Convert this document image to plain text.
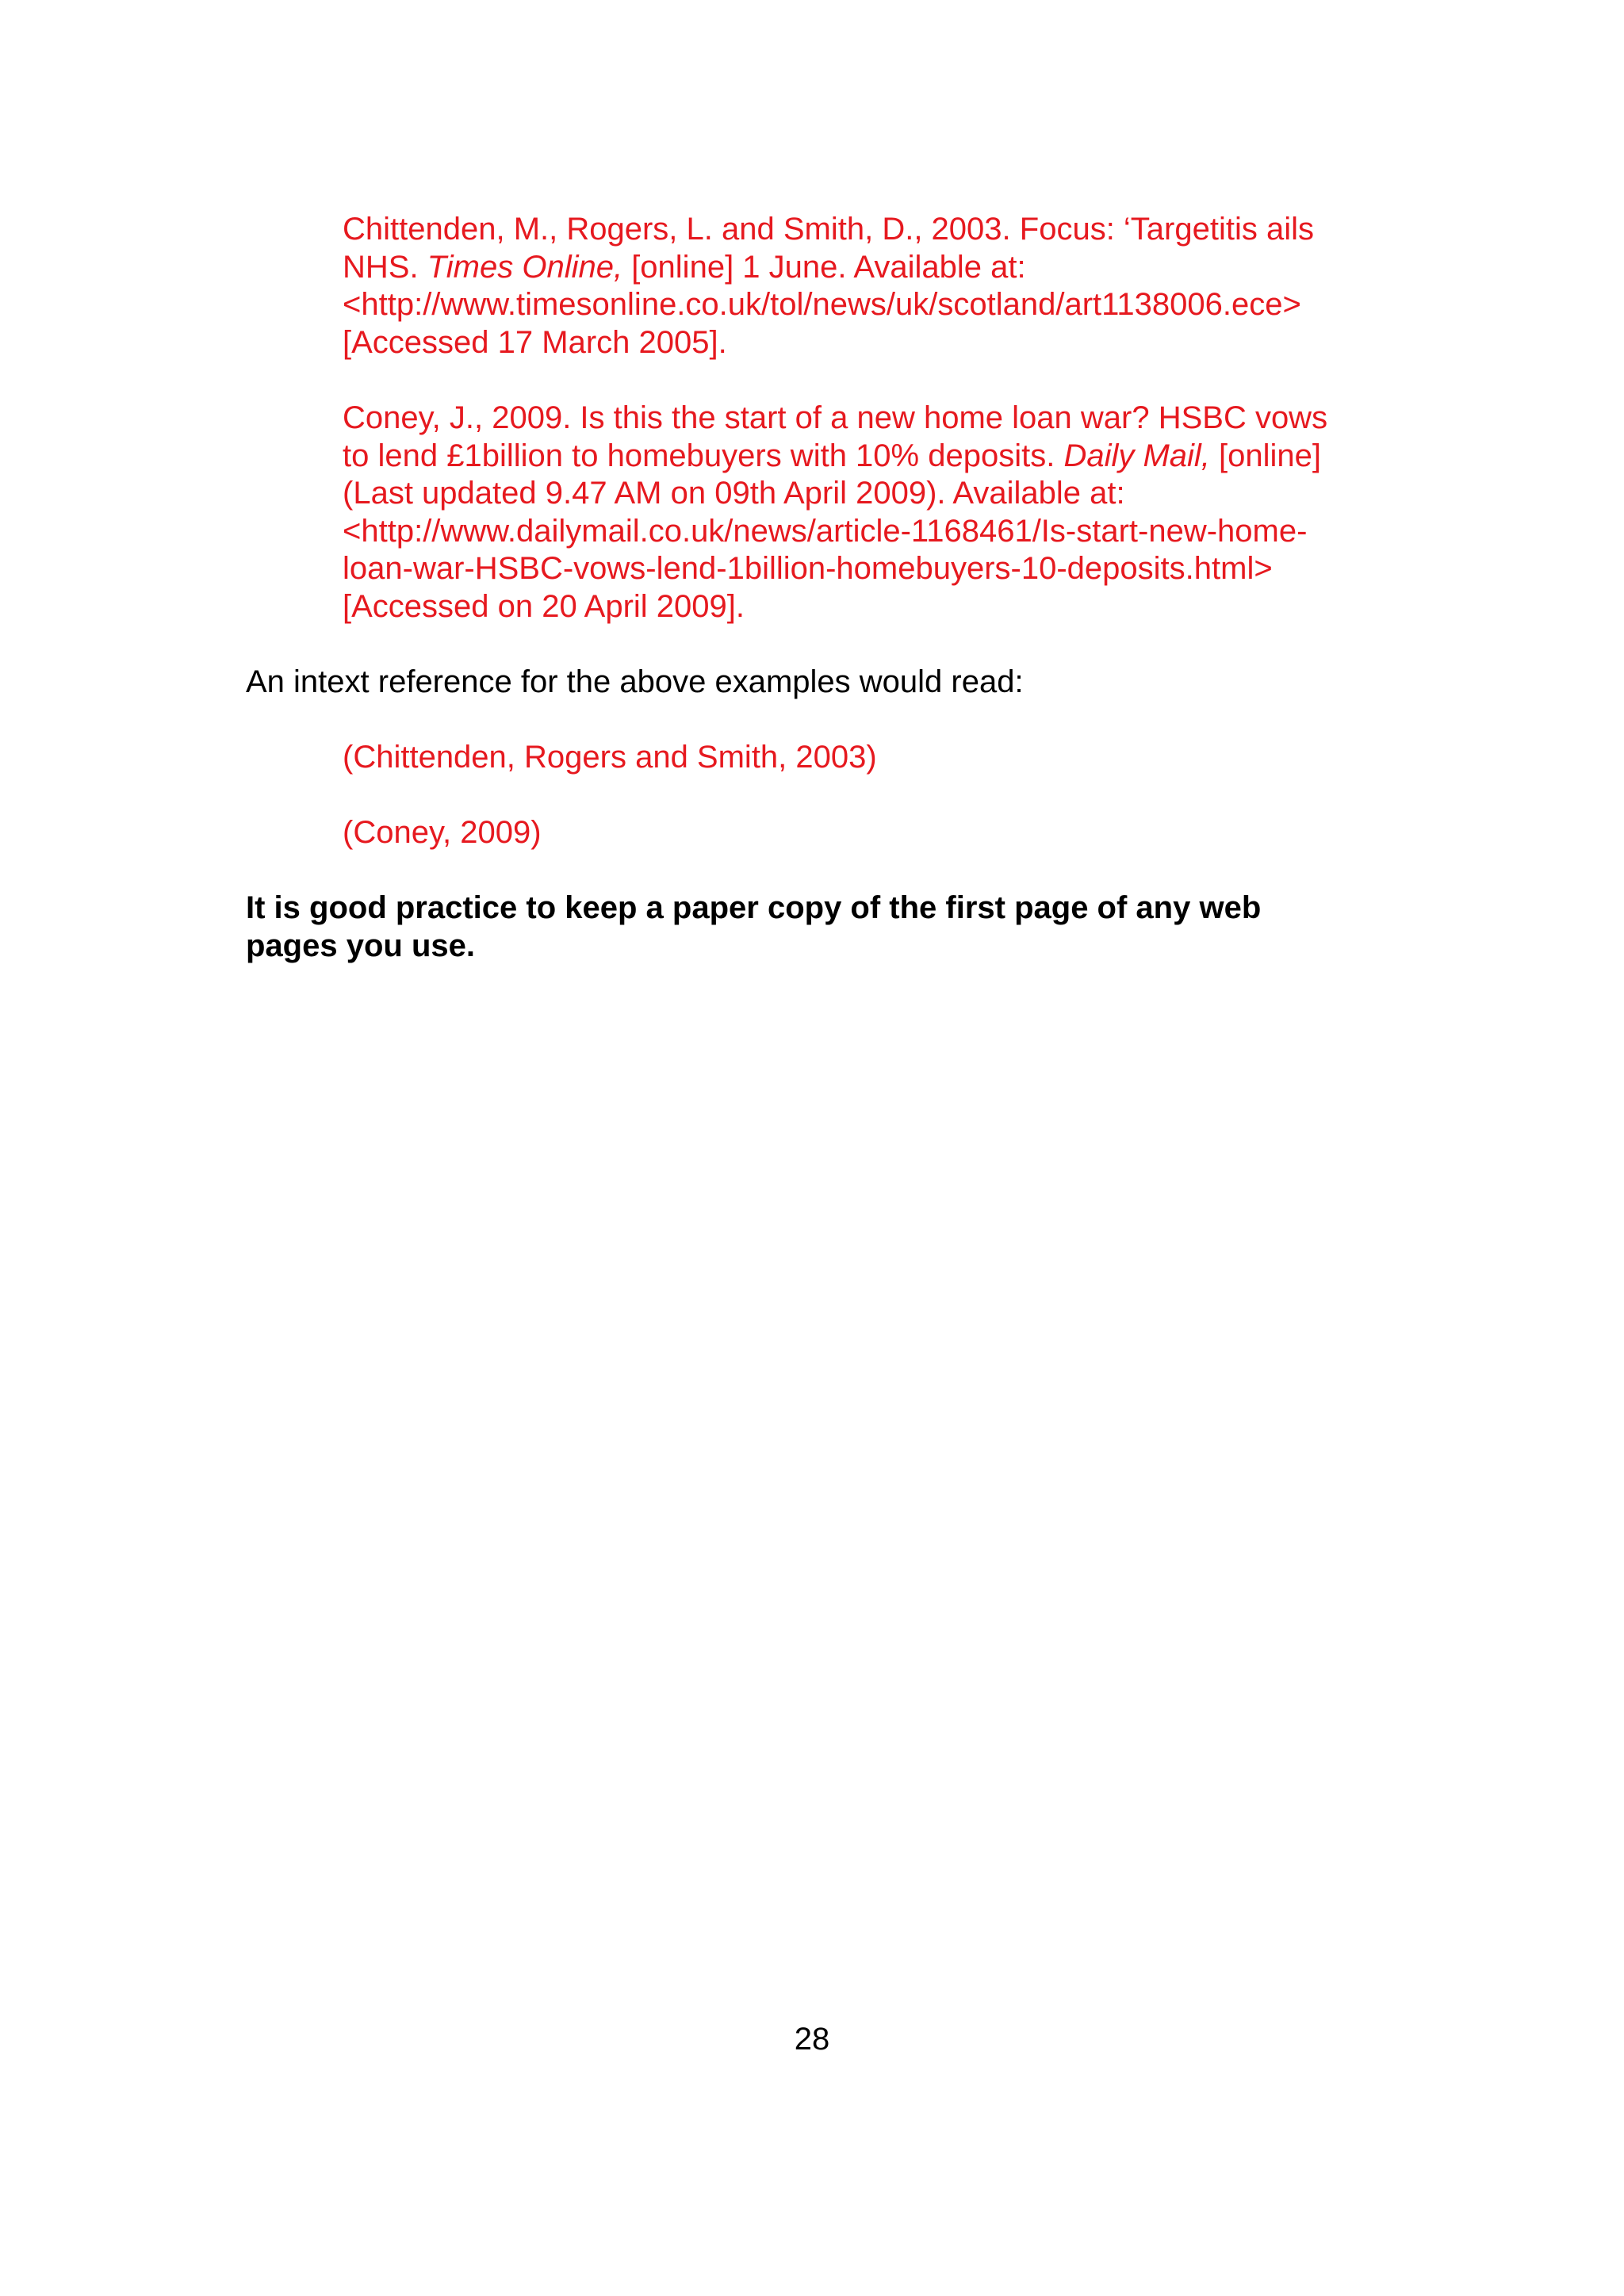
Chittenden, M., Rogers, L. and Smith, D., 2003. Focus: ‘Targetitis ails
NHS. Times Online, [online] 1 June. Available at:
<http://www.timesonline.co.uk/tol/news/uk/scotland/art1138006.ece>
[Accessed 17 March 2005].

Coney, J., 2009. Is this the start of a new home loan war? HSBC vows
to lend £1billion to homebuyers with 10% deposits. Daily Mail, [online]
(Last updated 9.47 AM on 09th April 2009). Available at:
<http://www.dailymail.co.uk/news/article-1168461/Is-start-new-home-
loan-war-HSBC-vows-lend-1billion-homebuyers-10-deposits.html>
[Accessed on 20 April 2009].

An intext reference for the above examples would read:

(Chittenden, Rogers and Smith, 2003)

(Coney, 2009)

It is good practice to keep a paper copy of the first page of any web
pages you use.

28
